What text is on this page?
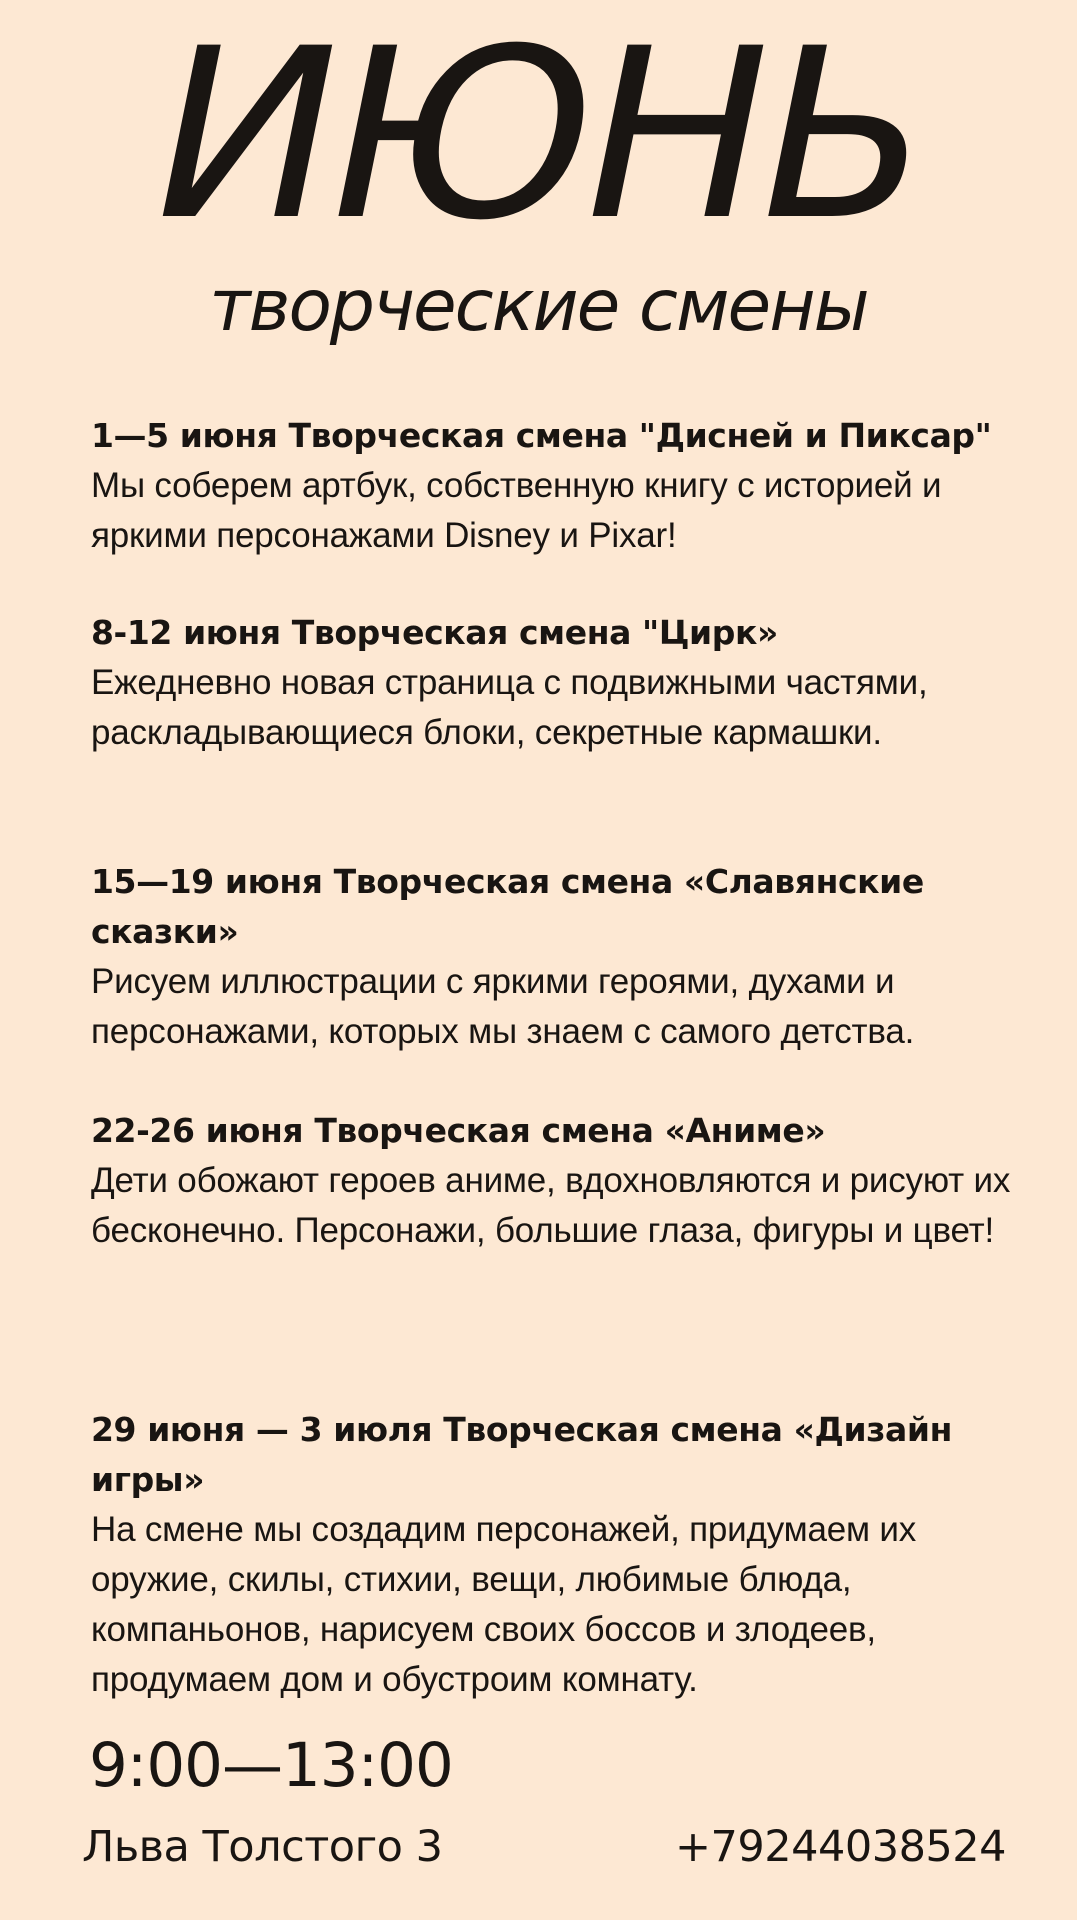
ИЮНЬ
творческие смены

1—5 июня Творческая смена "Дисней и Пиксар"

Мы соберем артбук, собственную книгу с историей и яркими персонажами Disney и Pixar!

8-12 июня Творческая смена "Цирк»

Ежедневно новая страница с подвижными частями, раскладывающиеся блоки, секретные кармашки.

15—19 июня Творческая смена «Славянские сказки»

Рисуем иллюстрации с яркими героями, духами и персонажами, которых мы знаем с самого детства.

22-26 июня Творческая смена «Аниме»

Дети обожают героев аниме, вдохновляются и рисуют их бесконечно. Персонажи, большие глаза, фигуры и цвет!

29 июня — 3 июля Творческая смена «Дизайн игры»

На смене мы создадим персонажей, придумаем их оружие, скилы, стихии, вещи, любимые блюда, компаньонов, нарисуем своих боссов и злодеев, продумаем дом и обустроим комнату.

9:00—13:00
Льва Толстого 3	+79244038524
